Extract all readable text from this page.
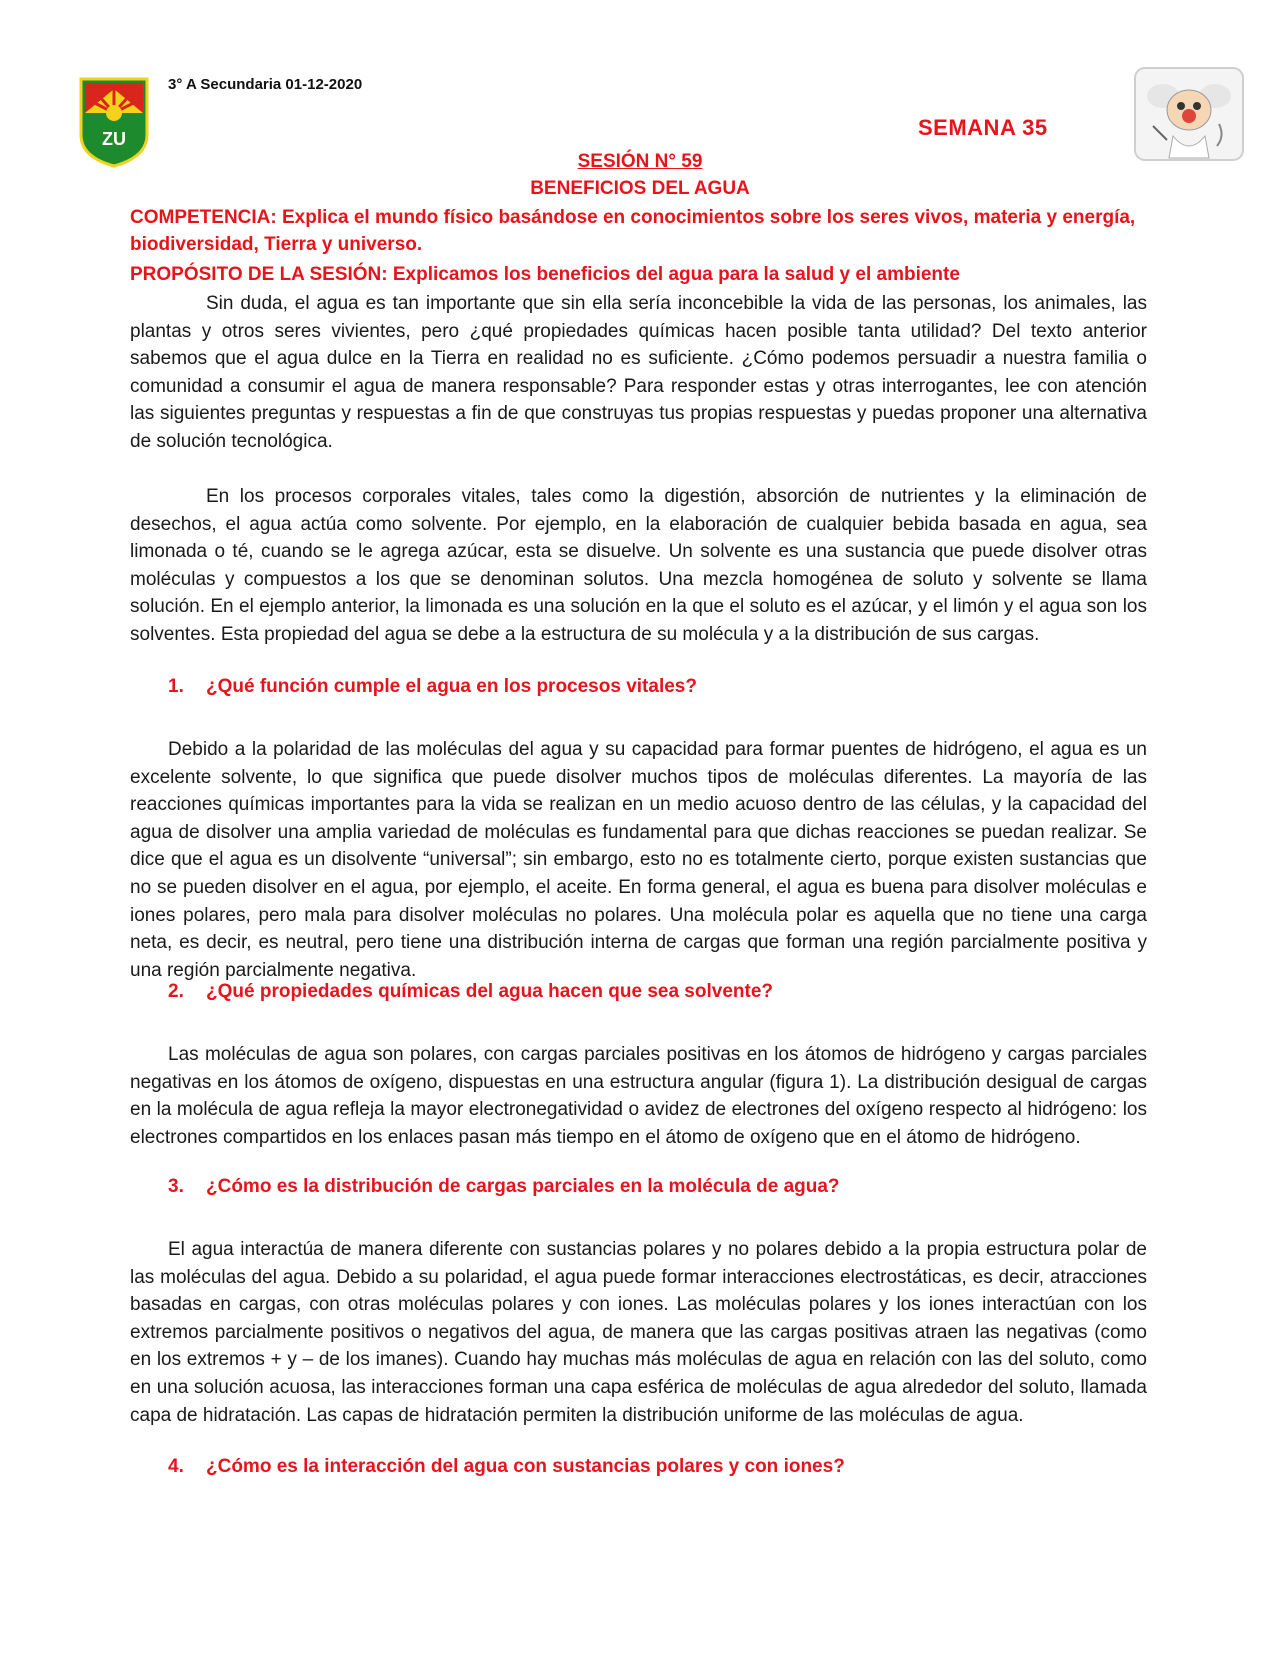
ZU
3° A Secundaria 01-12-2020
SEMANA 35
SESIÓN N° 59
BENEFICIOS DEL AGUA
COMPETENCIA: Explica el mundo físico basándose en conocimientos sobre los seres vivos, materia y energía, biodiversidad, Tierra y universo.
PROPÓSITO DE LA SESIÓN: Explicamos los beneficios del agua para la salud y el ambiente
Sin duda, el agua es tan importante que sin ella sería inconcebible la vida de las personas, los animales, las plantas y otros seres vivientes, pero ¿qué propiedades químicas hacen posible tanta utilidad? Del texto anterior sabemos que el agua dulce en la Tierra en realidad no es suficiente. ¿Cómo podemos persuadir a nuestra familia o comunidad a consumir el agua de manera responsable? Para responder estas y otras interrogantes, lee con atención las siguientes preguntas y respuestas a fin de que construyas tus propias respuestas y puedas proponer una alternativa de solución tecnológica.
En los procesos corporales vitales, tales como la digestión, absorción de nutrientes y la eliminación de desechos, el agua actúa como solvente. Por ejemplo, en la elaboración de cualquier bebida basada en agua, sea limonada o té, cuando se le agrega azúcar, esta se disuelve. Un solvente es una sustancia que puede disolver otras moléculas y compuestos a los que se denominan solutos. Una mezcla homogénea de soluto y solvente se llama solución. En el ejemplo anterior, la limonada es una solución en la que el soluto es el azúcar, y el limón y el agua son los solventes. Esta propiedad del agua se debe a la estructura de su molécula y a la distribución de sus cargas.
1. ¿Qué función cumple el agua en los procesos vitales?
Debido a la polaridad de las moléculas del agua y su capacidad para formar puentes de hidrógeno, el agua es un excelente solvente, lo que significa que puede disolver muchos tipos de moléculas diferentes. La mayoría de las reacciones químicas importantes para la vida se realizan en un medio acuoso dentro de las células, y la capacidad del agua de disolver una amplia variedad de moléculas es fundamental para que dichas reacciones se puedan realizar. Se dice que el agua es un disolvente “universal”; sin embargo, esto no es totalmente cierto, porque existen sustancias que no se pueden disolver en el agua, por ejemplo, el aceite. En forma general, el agua es buena para disolver moléculas e iones polares, pero mala para disolver moléculas no polares. Una molécula polar es aquella que no tiene una carga neta, es decir, es neutral, pero tiene una distribución interna de cargas que forman una región parcialmente positiva y una región parcialmente negativa.
2. ¿Qué propiedades químicas del agua hacen que sea solvente?
Las moléculas de agua son polares, con cargas parciales positivas en los átomos de hidrógeno y cargas parciales negativas en los átomos de oxígeno, dispuestas en una estructura angular (figura 1). La distribución desigual de cargas en la molécula de agua refleja la mayor electronegatividad o avidez de electrones del oxígeno respecto al hidrógeno: los electrones compartidos en los enlaces pasan más tiempo en el átomo de oxígeno que en el átomo de hidrógeno.
3. ¿Cómo es la distribución de cargas parciales en la molécula de agua?
El agua interactúa de manera diferente con sustancias polares y no polares debido a la propia estructura polar de las moléculas del agua. Debido a su polaridad, el agua puede formar interacciones electrostáticas, es decir, atracciones basadas en cargas, con otras moléculas polares y con iones. Las moléculas polares y los iones interactúan con los extremos parcialmente positivos o negativos del agua, de manera que las cargas positivas atraen las negativas (como en los extremos + y – de los imanes). Cuando hay muchas más moléculas de agua en relación con las del soluto, como en una solución acuosa, las interacciones forman una capa esférica de moléculas de agua alrededor del soluto, llamada capa de hidratación. Las capas de hidratación permiten la distribución uniforme de las moléculas de agua.
4. ¿Cómo es la interacción del agua con sustancias polares y con iones?
